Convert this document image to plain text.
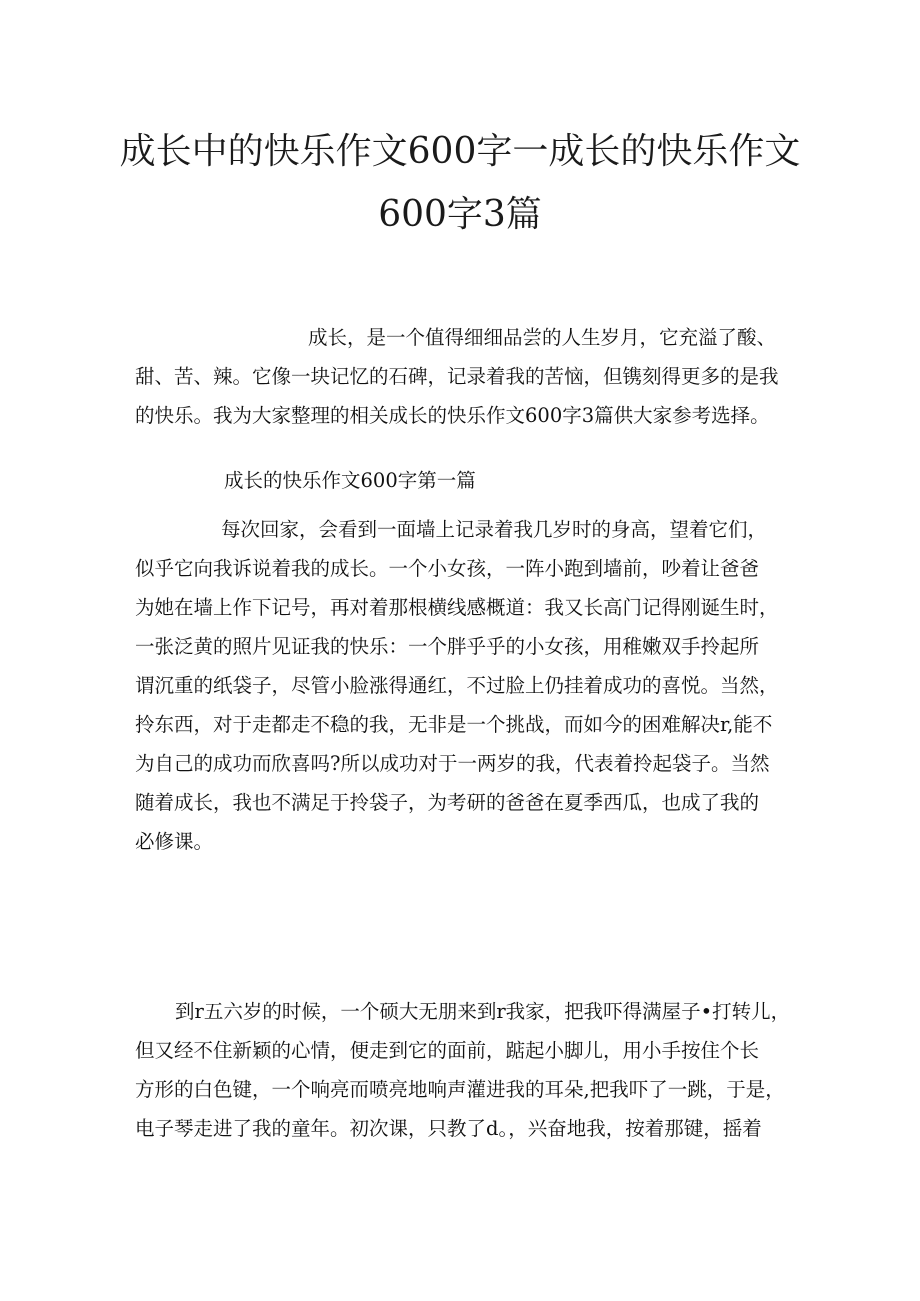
成长中的快乐作文600字一成长的快乐作文
600字3篇
成长，是一个值得细细品尝的人生岁月，它充溢了酸、
甜、苦、辣。它像一块记忆的石碑，记录着我的苦恼，但镌刻得更多的是我
的快乐。我为大家整理的相关成长的快乐作文600字3篇供大家参考选择。
成长的快乐作文600字第一篇
每次回家，会看到一面墙上记录着我几岁时的身高，望着它们，
似乎它向我诉说着我的成长。一个小女孩，一阵小跑到墙前，吵着让爸爸
为她在墙上作下记号，再对着那根横线感概道：我又长高门记得刚诞生时，
一张泛黄的照片见证我的快乐：一个胖乎乎的小女孩，用稚嫩双手拎起所
谓沉重的纸袋子，尽管小脸涨得通红，不过脸上仍挂着成功的喜悦。当然，
拎东西，对于走都走不稳的我，无非是一个挑战，而如今的困难解决r,能不
为自己的成功而欣喜吗?所以成功对于一两岁的我，代表着拎起袋子。当然
随着成长，我也不满足于拎袋子，为考研的爸爸在夏季西瓜，也成了我的
必修课。
到r五六岁的时候，一个硕大无朋来到r我家，把我吓得满屋子•打转儿，
但又经不住新颖的心情，便走到它的面前，踮起小脚儿，用小手按住个长
方形的白色键，一个响亮而喷亮地响声灌进我的耳朵,把我吓了一跳，于是，
电子琴走进了我的童年。初次课，只教了d。，兴奋地我，按着那键，摇着
